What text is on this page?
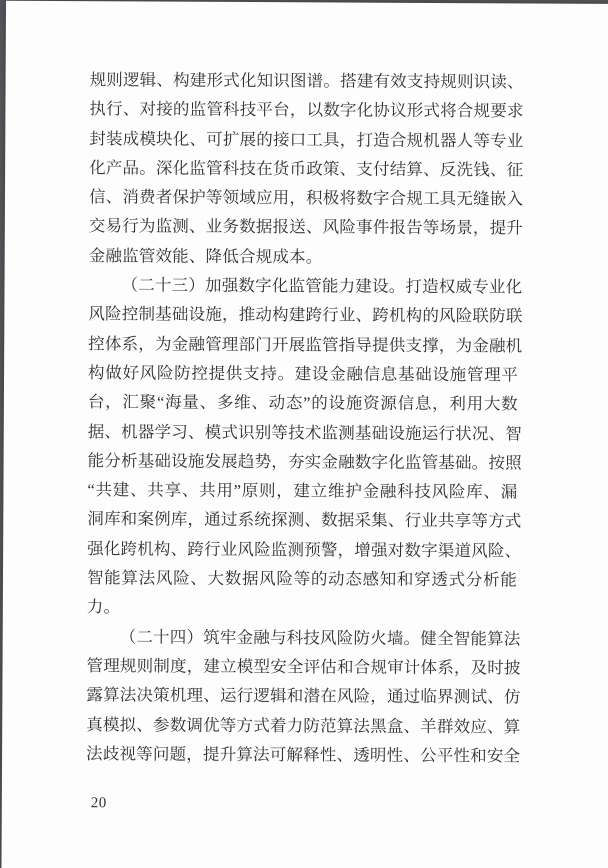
规则逻辑、构建形式化知识图谱。搭建有效支持规则识读、

执行、对接的监管科技平台，以数字化协议形式将合规要求

封装成模块化、可扩展的接口工具，打造合规机器人等专业

化产品。深化监管科技在货币政策、支付结算、反洗钱、征

信、消费者保护等领域应用，积极将数字合规工具无缝嵌入

交易行为监测、业务数据报送、风险事件报告等场景，提升

金融监管效能、降低合规成本。

（二十三）加强数字化监管能力建设。打造权威专业化

风险控制基础设施，推动构建跨行业、跨机构的风险联防联

控体系，为金融管理部门开展监管指导提供支撑，为金融机

构做好风险防控提供支持。建设金融信息基础设施管理平

台，汇聚“海量、多维、动态”的设施资源信息，利用大数

据、机器学习、模式识别等技术监测基础设施运行状况、智

能分析基础设施发展趋势，夯实金融数字化监管基础。按照

“共建、共享、共用”原则，建立维护金融科技风险库、漏

洞库和案例库，通过系统探测、数据采集、行业共享等方式

强化跨机构、跨行业风险监测预警，增强对数字渠道风险、

智能算法风险、大数据风险等的动态感知和穿透式分析能

力。

（二十四）筑牢金融与科技风险防火墙。健全智能算法

管理规则制度，建立模型安全评估和合规审计体系，及时披

露算法决策机理、运行逻辑和潜在风险，通过临界测试、仿

真模拟、参数调优等方式着力防范算法黑盒、羊群效应、算

法歧视等问题，提升算法可解释性、透明性、公平性和安全

20
